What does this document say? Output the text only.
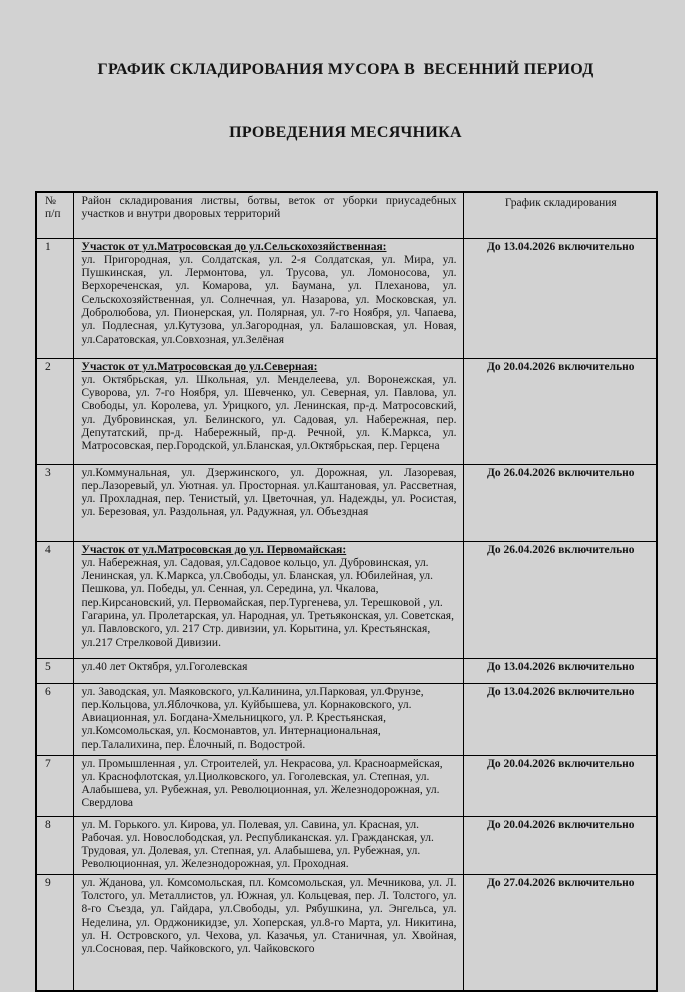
ГРАФИК СКЛАДИРОВАНИЯ МУСОРА В  ВЕСЕННИЙ ПЕРИОД

ПРОВЕДЕНИЯ МЕСЯЧНИКА

№ п/п	Район складирования листвы, ботвы, веток от уборки приусадебных участков и внутри дворовых территорий	График складирования
1	Участок от ул.Матросовская до ул.Сельскохозяйственная:
ул. Пригородная, ул. Солдатская, ул. 2-я Солдатская, ул. Мира, ул. Пушкинская, ул. Лермонтова, ул. Трусова, ул. Ломоносова, ул. Верхореченская, ул. Комарова, ул. Баумана, ул. Плеханова, ул. Сельскохозяйственная, ул. Солнечная, ул. Назарова, ул. Московская, ул. Добролюбова, ул. Пионерская, ул. Полярная, ул. 7-го Ноября, ул. Чапаева, ул. Подлесная, ул.Кутузова, ул.Загородная, ул. Балашовская, ул. Новая, ул.Саратовская, ул.Совхозная, ул.Зелёная	До 13.04.2026 включительно
2	Участок от ул.Матросовская до ул.Северная:
ул. Октябрьская, ул. Школьная, ул. Менделеева, ул. Воронежская, ул. Суворова, ул. 7-го Ноября, ул. Шевченко, ул. Северная, ул. Павлова, ул. Свободы, ул. Королева, ул. Урицкого, ул. Ленинская, пр-д. Матросовский, ул. Дубровинская, ул. Белинского, ул. Садовая, ул. Набережная, пер. Депутатский, пр-д. Набережный, пр-д. Речной, ул. К.Маркса, ул. Матросовская, пер.Городской, ул.Бланская, ул.Октябрьская, пер. Герцена	До 20.04.2026 включительно
3	ул.Коммунальная, ул. Дзержинского, ул. Дорожная, ул. Лазоревая, пер.Лазоревый, ул. Уютная. ул. Просторная. ул.Каштановая, ул. Рассветная, ул. Прохладная, пер. Тенистый, ул. Цветочная, ул. Надежды, ул. Росистая, ул. Березовая, ул. Раздольная, ул. Радужная, ул. Объездная	До 26.04.2026 включительно
4	Участок от ул.Матросовская до ул. Первомайская:
ул. Набережная, ул. Садовая, ул.Садовое кольцо, ул. Дубровинская, ул. Ленинская, ул. К.Маркса, ул.Свободы, ул. Бланская, ул. Юбилейная, ул. Пешкова, ул. Победы, ул. Сенная, ул. Середина, ул. Чкалова, пер.Кирсановский, ул. Первомайская, пер.Тургенева, ул. Терешковой , ул. Гагарина, ул. Пролетарская, ул. Народная, ул. Третьяконская, ул. Советская, ул. Павловского, ул. 217 Стр. дивизии, ул. Корытина, ул. Крестьянская, ул.217 Стрелковой Дивизии.	До 26.04.2026 включительно
5	ул.40 лет Октября, ул.Гоголевская	До 13.04.2026 включительно
6	ул. Заводская, ул. Маяковского, ул.Калинина, ул.Парковая, ул.Фрунзе, пер.Кольцова, ул.Яблочкова, ул. Куйбышева, ул. Корнаковского, ул. Авиационная, ул. Богдана-Хмельницкого, ул. Р. Крестьянская, ул.Комсомольская, ул. Космонавтов, ул. Интернациональная, пер.Талалихина, пер. Ёлочный, п. Водострой.	До 13.04.2026 включительно
7	ул. Промышленная , ул. Строителей, ул. Некрасова, ул. Красноармейская, ул. Краснофлотская, ул.Циолковского, ул. Гоголевская, ул. Степная, ул. Алабышева, ул. Рубежная, ул. Революционная, ул. Железнодорожная, ул. Свердлова	До 20.04.2026 включительно
8	ул. М. Горького. ул. Кирова, ул. Полевая, ул. Савина, ул. Красная, ул. Рабочая. ул. Новослободская, ул. Республиканская. ул. Гражданская, ул. Трудовая, ул. Долевая, ул. Степная, ул. Алабышева, ул. Рубежная, ул. Революционная, ул. Железнодорожная, ул. Проходная.	До 20.04.2026 включительно
9	ул. Жданова, ул. Комсомольская, пл. Комсомольская, ул. Мечникова, ул. Л. Толстого, ул. Металлистов, ул. Южная, ул. Кольцевая, пер. Л. Толстого, ул. 8-го Съезда, ул. Гайдара, ул.Свободы, ул. Рябушкина, ул. Энгельса, ул. Неделина, ул. Орджоникидзе, ул. Хоперская, ул.8-го Марта, ул. Никитина, ул. Н. Островского, ул. Чехова, ул. Казачья, ул. Станичная, ул. Хвойная, ул.Сосновая, пер. Чайковского, ул. Чайковского	До 27.04.2026 включительно
